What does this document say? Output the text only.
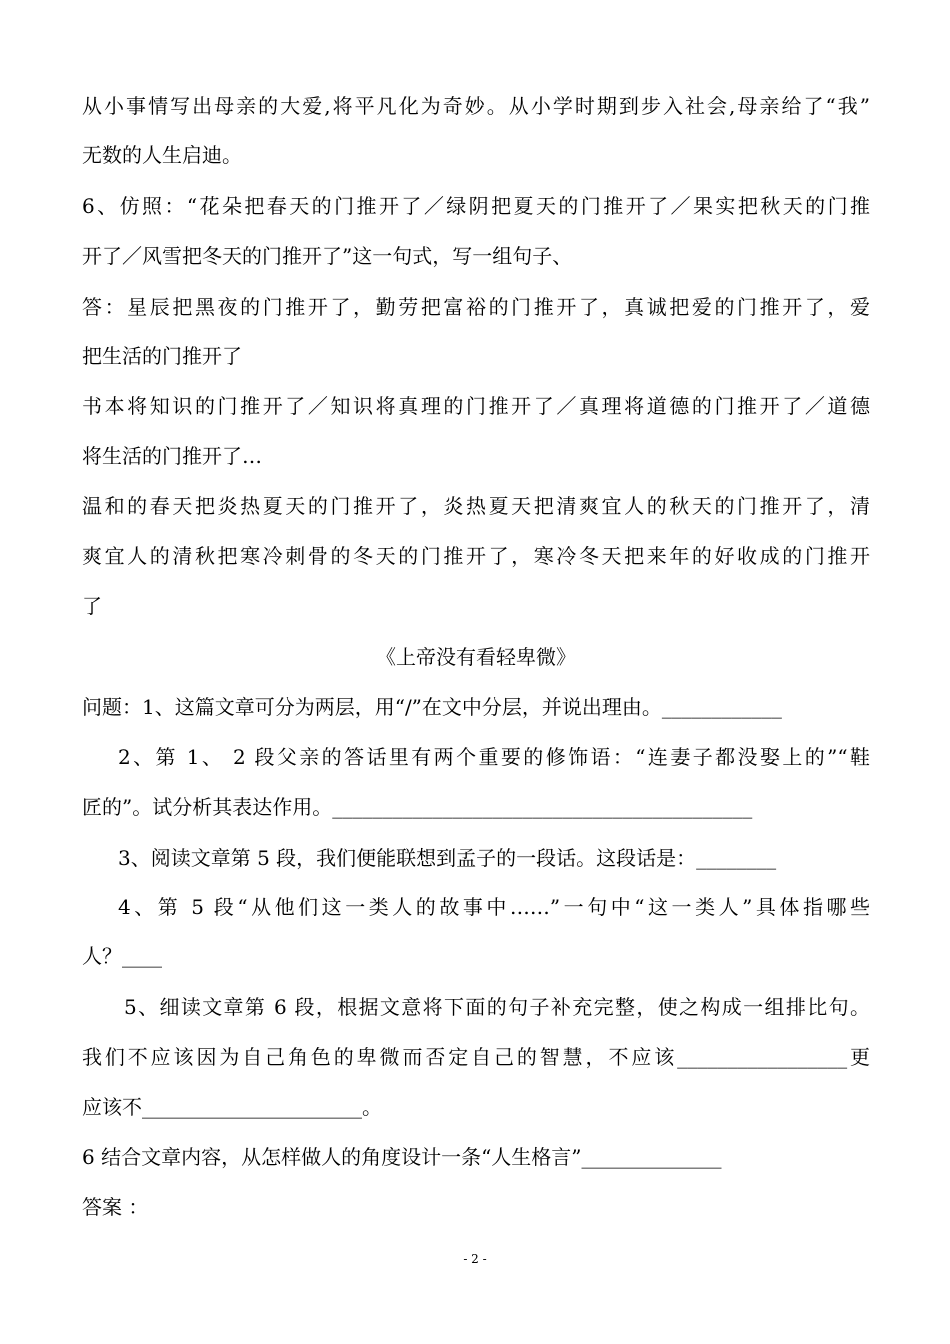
从小事情写出母亲的大爱,将平凡化为奇妙。从小学时期到步入社会,母亲给了“我”
无数的人生启迪。
6、仿照：“花朵把春天的门推开了／绿阴把夏天的门推开了／果实把秋天的门推
开了／风雪把冬天的门推开了”这一句式，写一组句子、
答：星辰把黑夜的门推开了，勤劳把富裕的门推开了，真诚把爱的门推开了，爱
把生活的门推开了
书本将知识的门推开了／知识将真理的门推开了／真理将道德的门推开了／道德
将生活的门推开了…
温和的春天把炎热夏天的门推开了，炎热夏天把清爽宜人的秋天的门推开了，清
爽宜人的清秋把寒冷刺骨的冬天的门推开了，寒冷冬天把来年的好收成的门推开
了
《上帝没有看轻卑微》
问题：1、这篇文章可分为两层，用“/”在文中分层，并说出理由。____________
2、第 1、 2 段父亲的答话里有两个重要的修饰语：“连妻子都没娶上的”“鞋
匠的”。试分析其表达作用。__________________________________________
3、阅读文章第 5 段，我们便能联想到孟子的一段话。这段话是：________
4、第 5 段“从他们这一类人的故事中……”一句中“这一类人”具体指哪些
人？____
5、细读文章第 6 段，根据文意将下面的句子补充完整，使之构成一组排比句。
我们不应该因为自己角色的卑微而否定自己的智慧，不应该_________________更
应该不______________________。
6 结合文章内容，从怎样做人的角度设计一条“人生格言”______________
答案 ：
- 2 -
